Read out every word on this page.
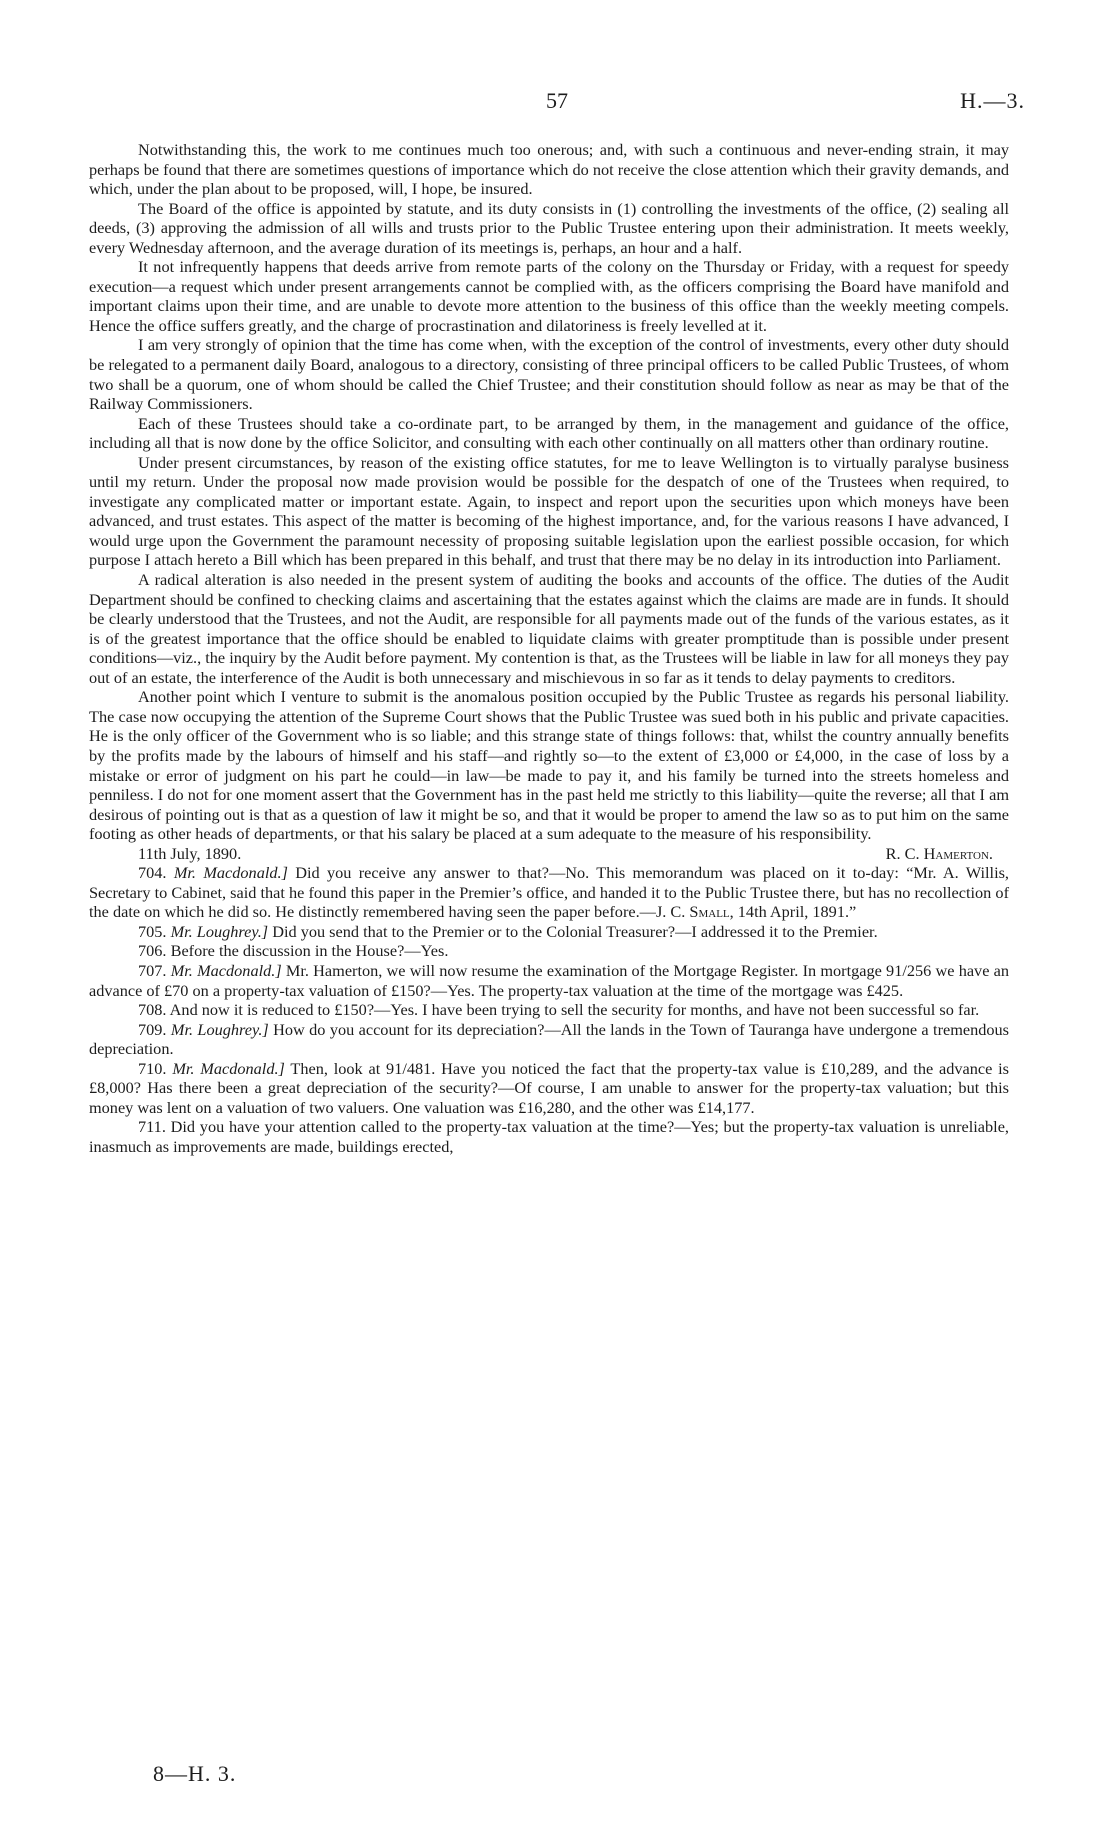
57	H.—3.

Notwithstanding this, the work to me continues much too onerous; and, with such a continuous and never-ending strain, it may perhaps be found that there are sometimes questions of importance which do not receive the close attention which their gravity demands, and which, under the plan about to be proposed, will, I hope, be insured.

The Board of the office is appointed by statute, and its duty consists in (1) controlling the investments of the office, (2) sealing all deeds, (3) approving the admission of all wills and trusts prior to the Public Trustee entering upon their administration. It meets weekly, every Wednesday afternoon, and the average duration of its meetings is, perhaps, an hour and a half.

It not infrequently happens that deeds arrive from remote parts of the colony on the Thursday or Friday, with a request for speedy execution—a request which under present arrangements cannot be complied with, as the officers comprising the Board have manifold and important claims upon their time, and are unable to devote more attention to the business of this office than the weekly meeting compels. Hence the office suffers greatly, and the charge of procrastination and dilatoriness is freely levelled at it.

I am very strongly of opinion that the time has come when, with the exception of the control of investments, every other duty should be relegated to a permanent daily Board, analogous to a directory, consisting of three principal officers to be called Public Trustees, of whom two shall be a quorum, one of whom should be called the Chief Trustee; and their constitution should follow as near as may be that of the Railway Commissioners.

Each of these Trustees should take a co-ordinate part, to be arranged by them, in the management and guidance of the office, including all that is now done by the office Solicitor, and consulting with each other continually on all matters other than ordinary routine.

Under present circumstances, by reason of the existing office statutes, for me to leave Wellington is to virtually paralyse business until my return. Under the proposal now made provision would be possible for the despatch of one of the Trustees when required, to investigate any complicated matter or important estate. Again, to inspect and report upon the securities upon which moneys have been advanced, and trust estates. This aspect of the matter is becoming of the highest importance, and, for the various reasons I have advanced, I would urge upon the Government the paramount necessity of proposing suitable legislation upon the earliest possible occasion, for which purpose I attach hereto a Bill which has been prepared in this behalf, and trust that there may be no delay in its introduction into Parliament.

A radical alteration is also needed in the present system of auditing the books and accounts of the office. The duties of the Audit Department should be confined to checking claims and ascertaining that the estates against which the claims are made are in funds. It should be clearly understood that the Trustees, and not the Audit, are responsible for all payments made out of the funds of the various estates, as it is of the greatest importance that the office should be enabled to liquidate claims with greater promptitude than is possible under present conditions—viz., the inquiry by the Audit before payment. My contention is that, as the Trustees will be liable in law for all moneys they pay out of an estate, the interference of the Audit is both unnecessary and mischievous in so far as it tends to delay payments to creditors.

Another point which I venture to submit is the anomalous position occupied by the Public Trustee as regards his personal liability. The case now occupying the attention of the Supreme Court shows that the Public Trustee was sued both in his public and private capacities. He is the only officer of the Government who is so liable; and this strange state of things follows: that, whilst the country annually benefits by the profits made by the labours of himself and his staff—and rightly so—to the extent of £3,000 or £4,000, in the case of loss by a mistake or error of judgment on his part he could—in law—be made to pay it, and his family be turned into the streets homeless and penniless. I do not for one moment assert that the Government has in the past held me strictly to this liability—quite the reverse; all that I am desirous of pointing out is that as a question of law it might be so, and that it would be proper to amend the law so as to put him on the same footing as other heads of departments, or that his salary be placed at a sum adequate to the measure of his responsibility.

11th July, 1890.	R. C. Hamerton.

704. Mr. Macdonald.] Did you receive any answer to that?—No. This memorandum was placed on it to-day: “Mr. A. Willis, Secretary to Cabinet, said that he found this paper in the Premier’s office, and handed it to the Public Trustee there, but has no recollection of the date on which he did so. He distinctly remembered having seen the paper before.—J. C. Small, 14th April, 1891.”

705. Mr. Loughrey.] Did you send that to the Premier or to the Colonial Treasurer?—I addressed it to the Premier.

706. Before the discussion in the House?—Yes.

707. Mr. Macdonald.] Mr. Hamerton, we will now resume the examination of the Mortgage Register. In mortgage 91/256 we have an advance of £70 on a property-tax valuation of £150?—Yes. The property-tax valuation at the time of the mortgage was £425.

708. And now it is reduced to £150?—Yes. I have been trying to sell the security for months, and have not been successful so far.

709. Mr. Loughrey.] How do you account for its depreciation?—All the lands in the Town of Tauranga have undergone a tremendous depreciation.

710. Mr. Macdonald.] Then, look at 91/481. Have you noticed the fact that the property-tax value is £10,289, and the advance is £8,000? Has there been a great depreciation of the security?—Of course, I am unable to answer for the property-tax valuation; but this money was lent on a valuation of two valuers. One valuation was £16,280, and the other was £14,177.

711. Did you have your attention called to the property-tax valuation at the time?—Yes; but the property-tax valuation is unreliable, inasmuch as improvements are made, buildings erected,

8—H. 3.
